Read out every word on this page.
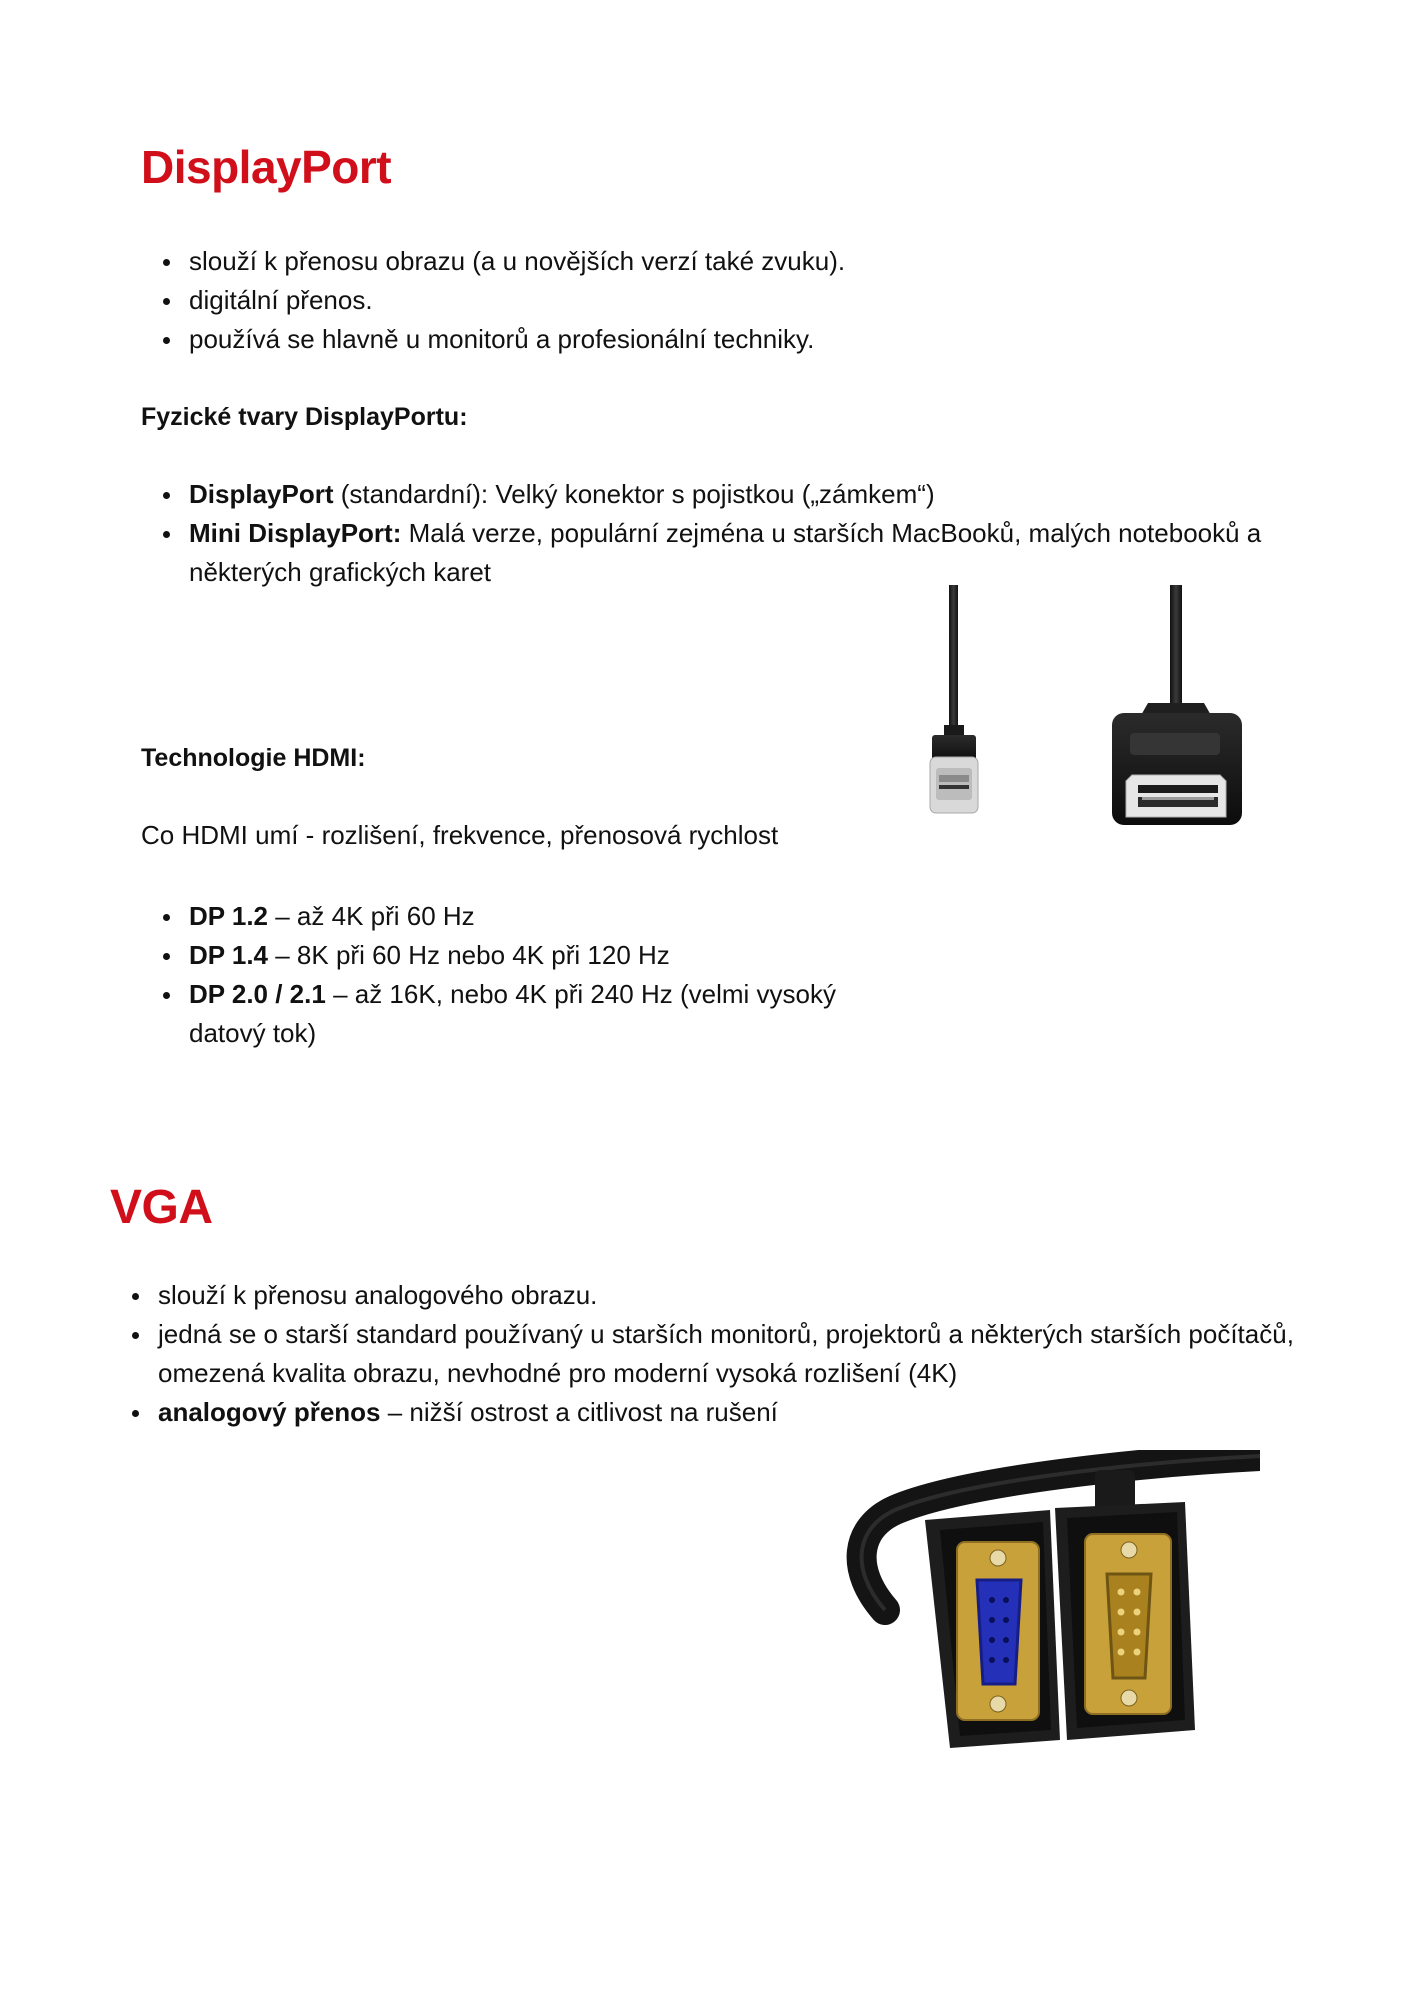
DisplayPort
slouží k přenosu obrazu (a u novějších verzí také zvuku).
digitální přenos.
používá se hlavně u monitorů a profesionální techniky.

Fyzické tvary DisplayPortu:

DisplayPort (standardní): Velký konektor s pojistkou („zámkem“)
Mini DisplayPort: Malá verze, populární zejména u starších MacBooků, malých notebooků a některých grafických karet

Technologie HDMI:

Co HDMI umí - rozlišení, frekvence, přenosová rychlost

DP 1.2 – až 4K při 60 Hz
DP 1.4 – 8K při 60 Hz nebo 4K při 120 Hz
DP 2.0 / 2.1 – až 16K, nebo 4K při 240 Hz (velmi vysoký datový tok)
VGA
slouží k přenosu analogového obrazu.
jedná se o starší standard používaný u starších monitorů, projektorů a některých starších počítačů, omezená kvalita obrazu, nevhodné pro moderní vysoká rozlišení (4K)
analogový přenos – nižší ostrost a citlivost na rušení
